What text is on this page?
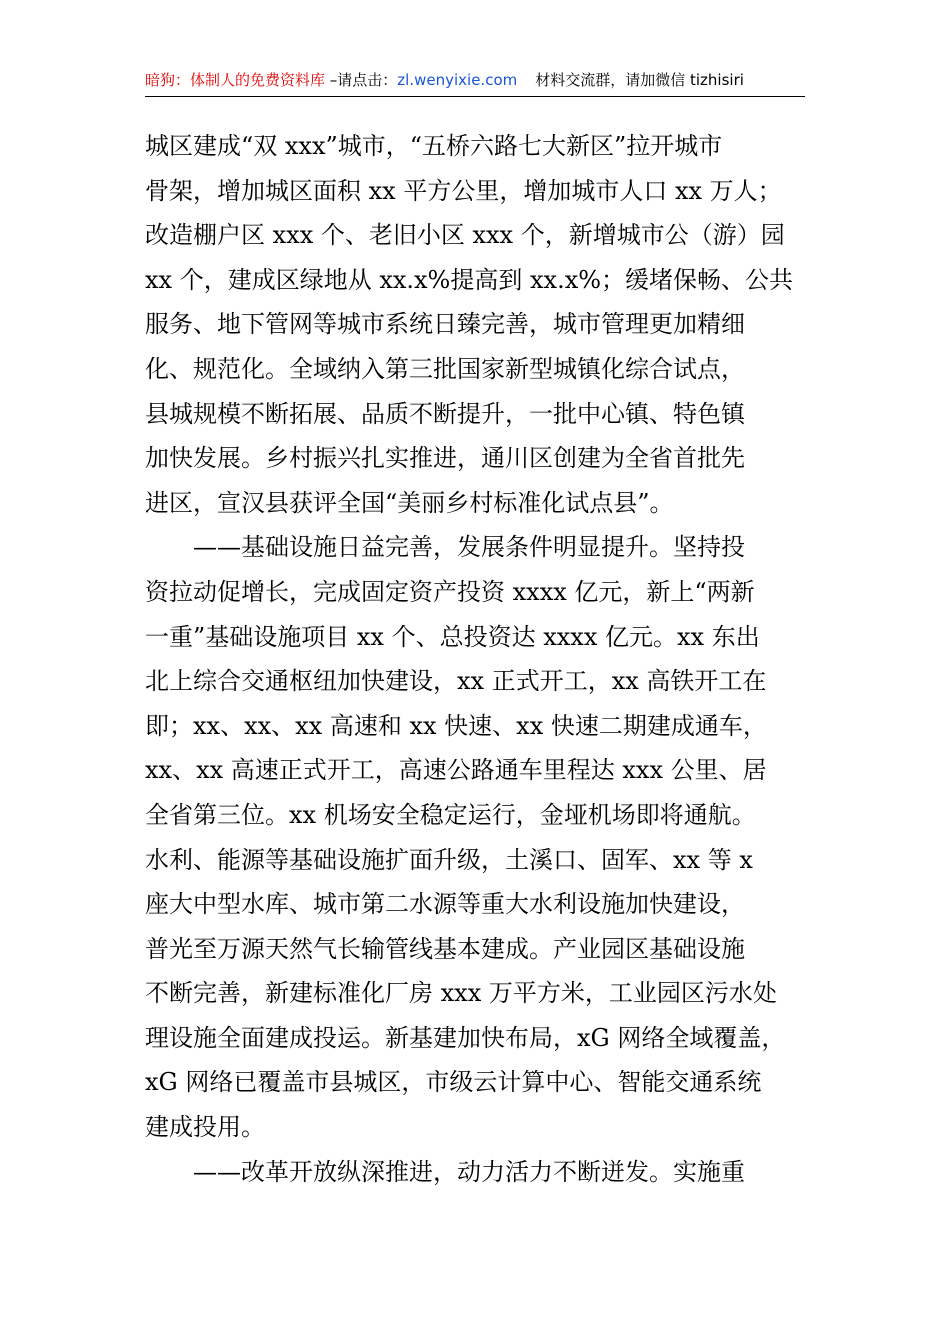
暗狗：体制人的免费资料库 –请点击：zl.wenyixie.com 材料交流群，请加微信 tizhisiri
城区建成“双 xxx”城市，“五桥六路七大新区”拉开城市
骨架，增加城区面积 xx 平方公里，增加城市人口 xx 万人；
改造棚户区 xxx 个、老旧小区 xxx 个，新增城市公（游）园
xx 个，建成区绿地从 xx.x%提高到 xx.x%；缓堵保畅、公共
服务、地下管网等城市系统日臻完善，城市管理更加精细
化、规范化。全域纳入第三批国家新型城镇化综合试点，
县城规模不断拓展、品质不断提升，一批中心镇、特色镇
加快发展。乡村振兴扎实推进，通川区创建为全省首批先
进区，宣汉县获评全国“美丽乡村标准化试点县”。
——基础设施日益完善，发展条件明显提升。坚持投
资拉动促增长，完成固定资产投资 xxxx 亿元，新上“两新
一重”基础设施项目 xx 个、总投资达 xxxx 亿元。xx 东出
北上综合交通枢纽加快建设，xx 正式开工，xx 高铁开工在
即；xx、xx、xx 高速和 xx 快速、xx 快速二期建成通车，
xx、xx 高速正式开工，高速公路通车里程达 xxx 公里、居
全省第三位。xx 机场安全稳定运行，金垭机场即将通航。
水利、能源等基础设施扩面升级，土溪口、固军、xx 等 x
座大中型水库、城市第二水源等重大水利设施加快建设，
普光至万源天然气长输管线基本建成。产业园区基础设施
不断完善，新建标准化厂房 xxx 万平方米，工业园区污水处
理设施全面建成投运。新基建加快布局，xG 网络全域覆盖，
xG 网络已覆盖市县城区，市级云计算中心、智能交通系统
建成投用。
——改革开放纵深推进，动力活力不断迸发。实施重
